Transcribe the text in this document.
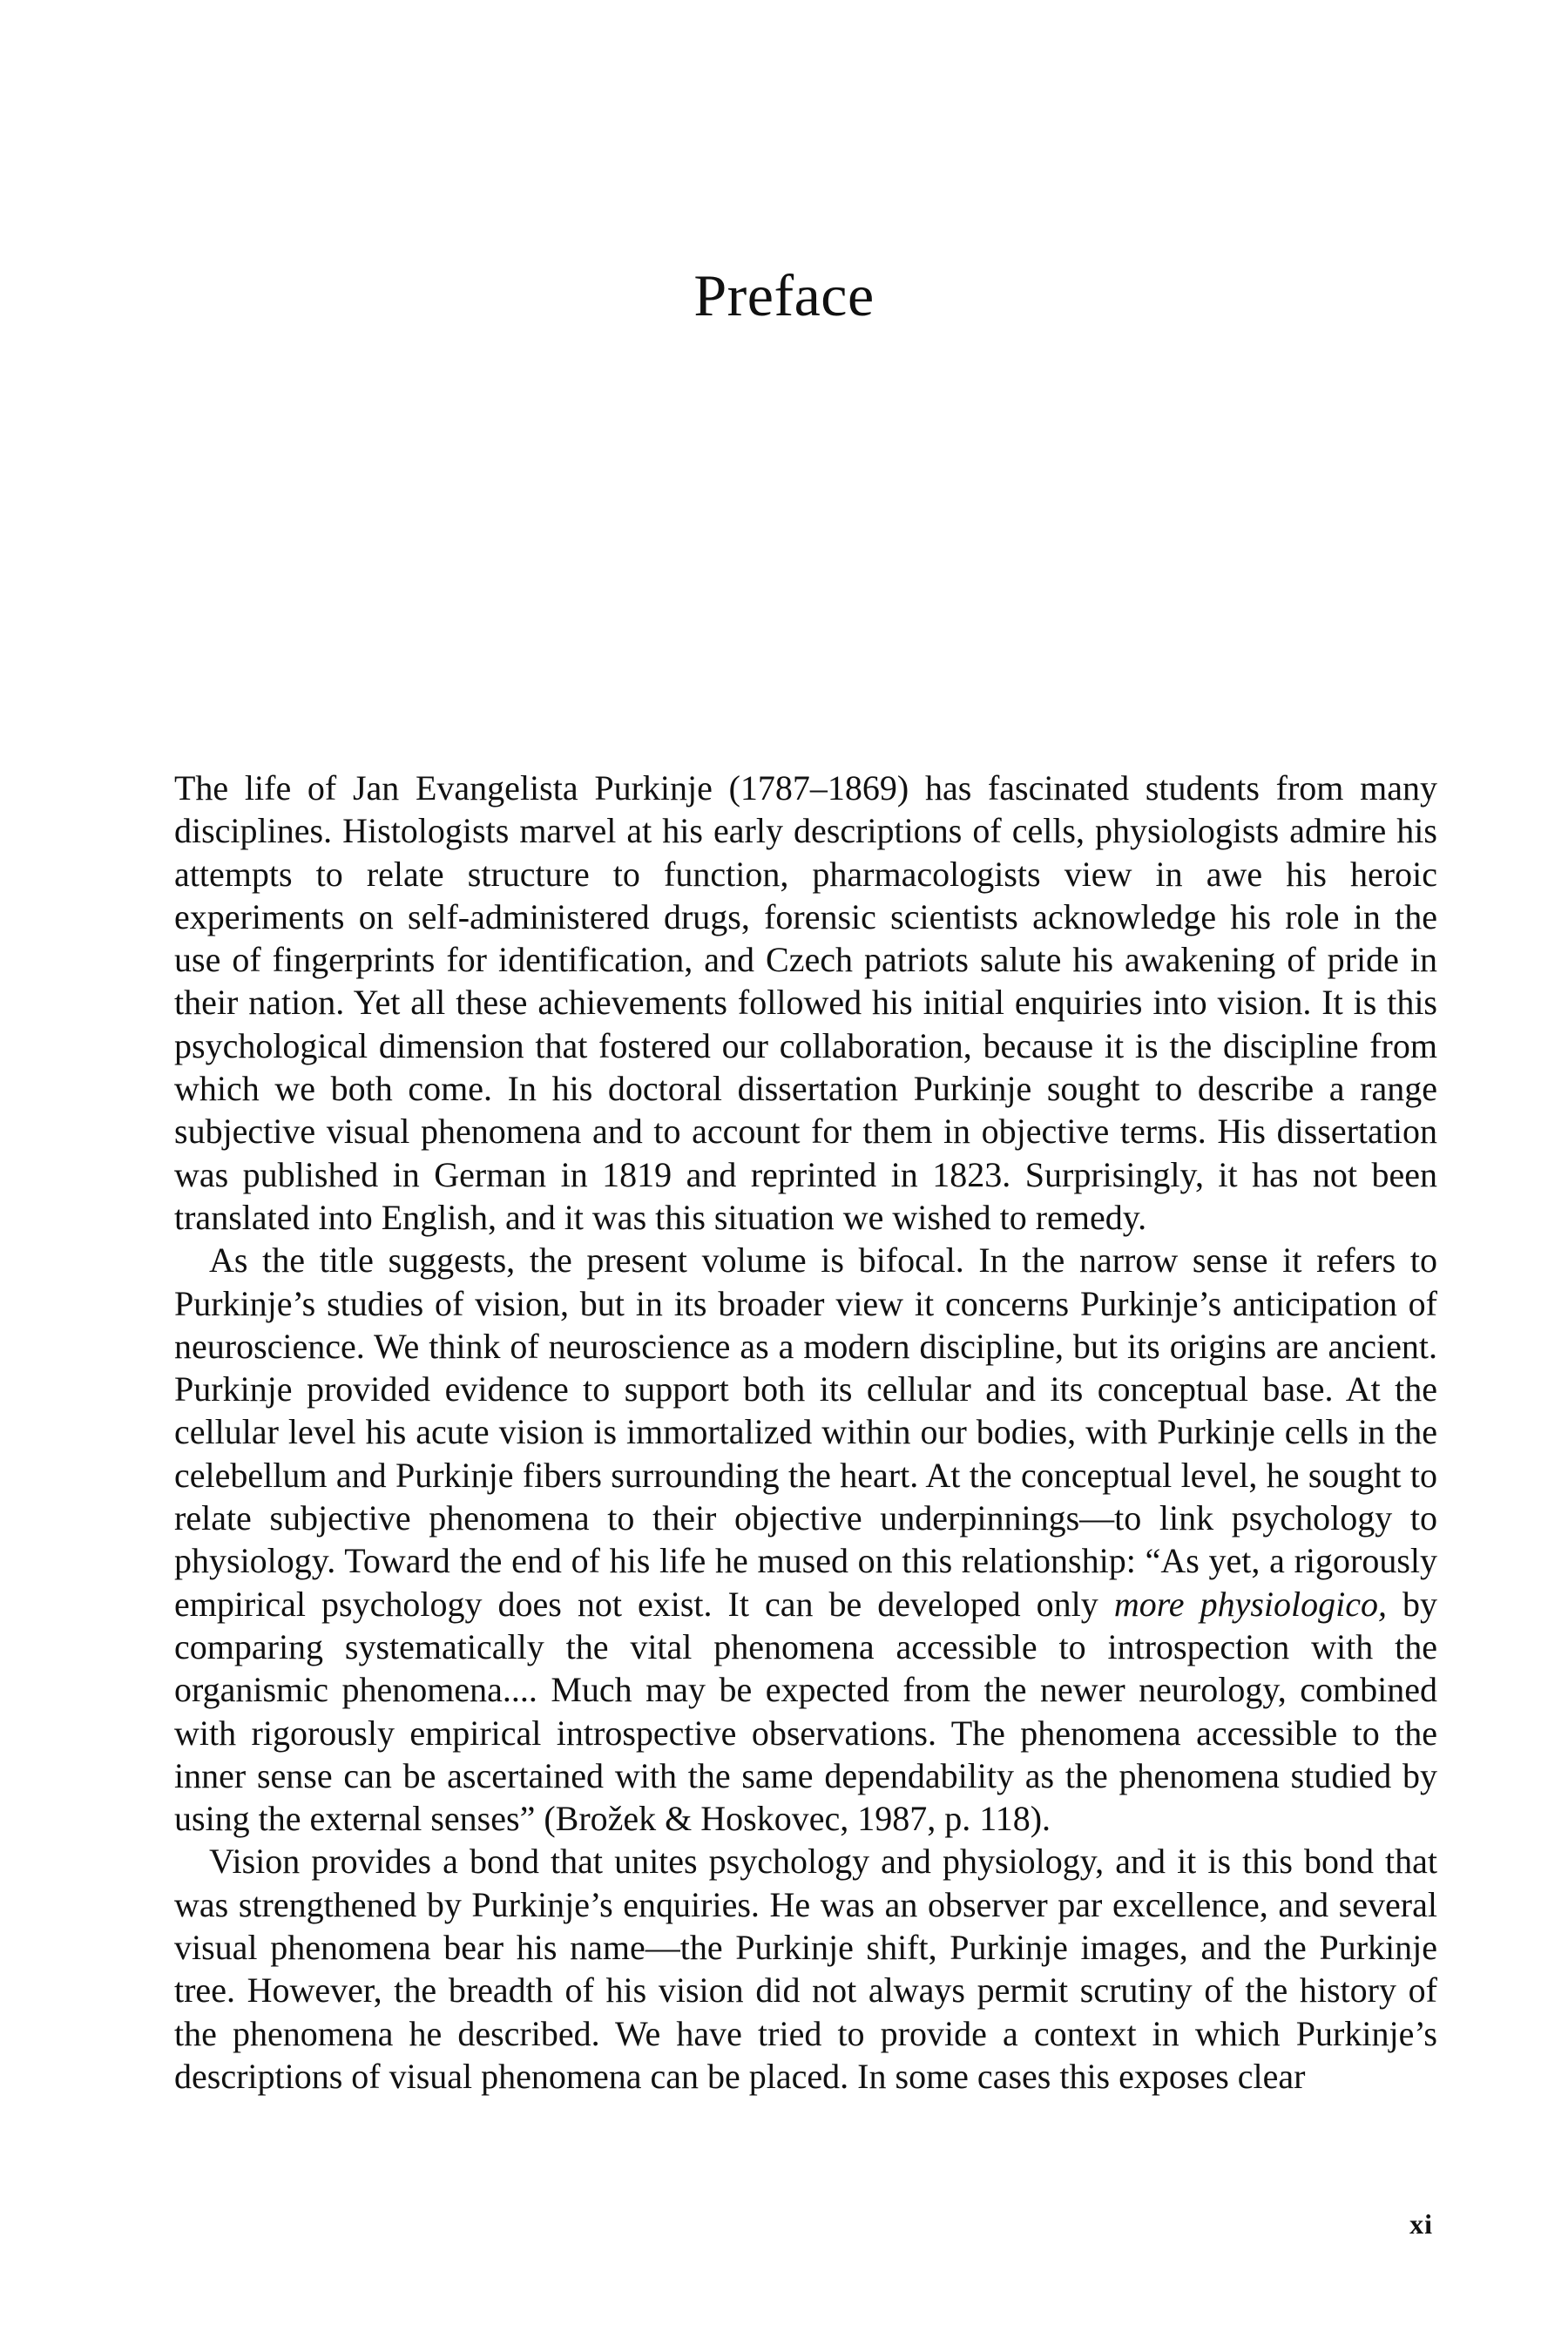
Preface

The life of Jan Evangelista Purkinje (1787–1869) has fascinated students from many disciplines. Histologists marvel at his early descriptions of cells, physiologists admire his attempts to relate structure to function, pharmacologists view in awe his heroic experiments on self-administered drugs, forensic scientists acknowledge his role in the use of fingerprints for identification, and Czech patriots salute his awakening of pride in their nation. Yet all these achievements followed his initial enquiries into vision. It is this psychological dimension that fostered our collaboration, because it is the discipline from which we both come. In his doctoral dissertation Purkinje sought to describe a range subjective visual phenomena and to account for them in objective terms. His dissertation was published in German in 1819 and reprinted in 1823. Surprisingly, it has not been translated into English, and it was this situation we wished to remedy.

As the title suggests, the present volume is bifocal. In the narrow sense it refers to Purkinje’s studies of vision, but in its broader view it concerns Purkinje’s anticipation of neuroscience. We think of neuroscience as a modern discipline, but its origins are ancient. Purkinje provided evidence to support both its cellular and its conceptual base. At the cellular level his acute vision is immortalized within our bodies, with Purkinje cells in the celebellum and Purkinje fibers surrounding the heart. At the conceptual level, he sought to relate subjective phenomena to their objective underpinnings—to link psychology to physiology. Toward the end of his life he mused on this relationship: “As yet, a rigorously empirical psychology does not exist. It can be developed only more physiologico, by comparing systematically the vital phenomena accessible to introspection with the organismic phenomena.... Much may be expected from the newer neurology, combined with rigorously empirical introspective observations. The phenomena accessible to the inner sense can be ascertained with the same dependability as the phenomena studied by using the external senses” (Brožek & Hoskovec, 1987, p. 118).

Vision provides a bond that unites psychology and physiology, and it is this bond that was strengthened by Purkinje’s enquiries. He was an observer par excellence, and several visual phenomena bear his name—the Purkinje shift, Purkinje images, and the Purkinje tree. However, the breadth of his vision did not always permit scrutiny of the history of the phenomena he described. We have tried to provide a context in which Purkinje’s descriptions of visual phenomena can be placed. In some cases this exposes clear

xi
